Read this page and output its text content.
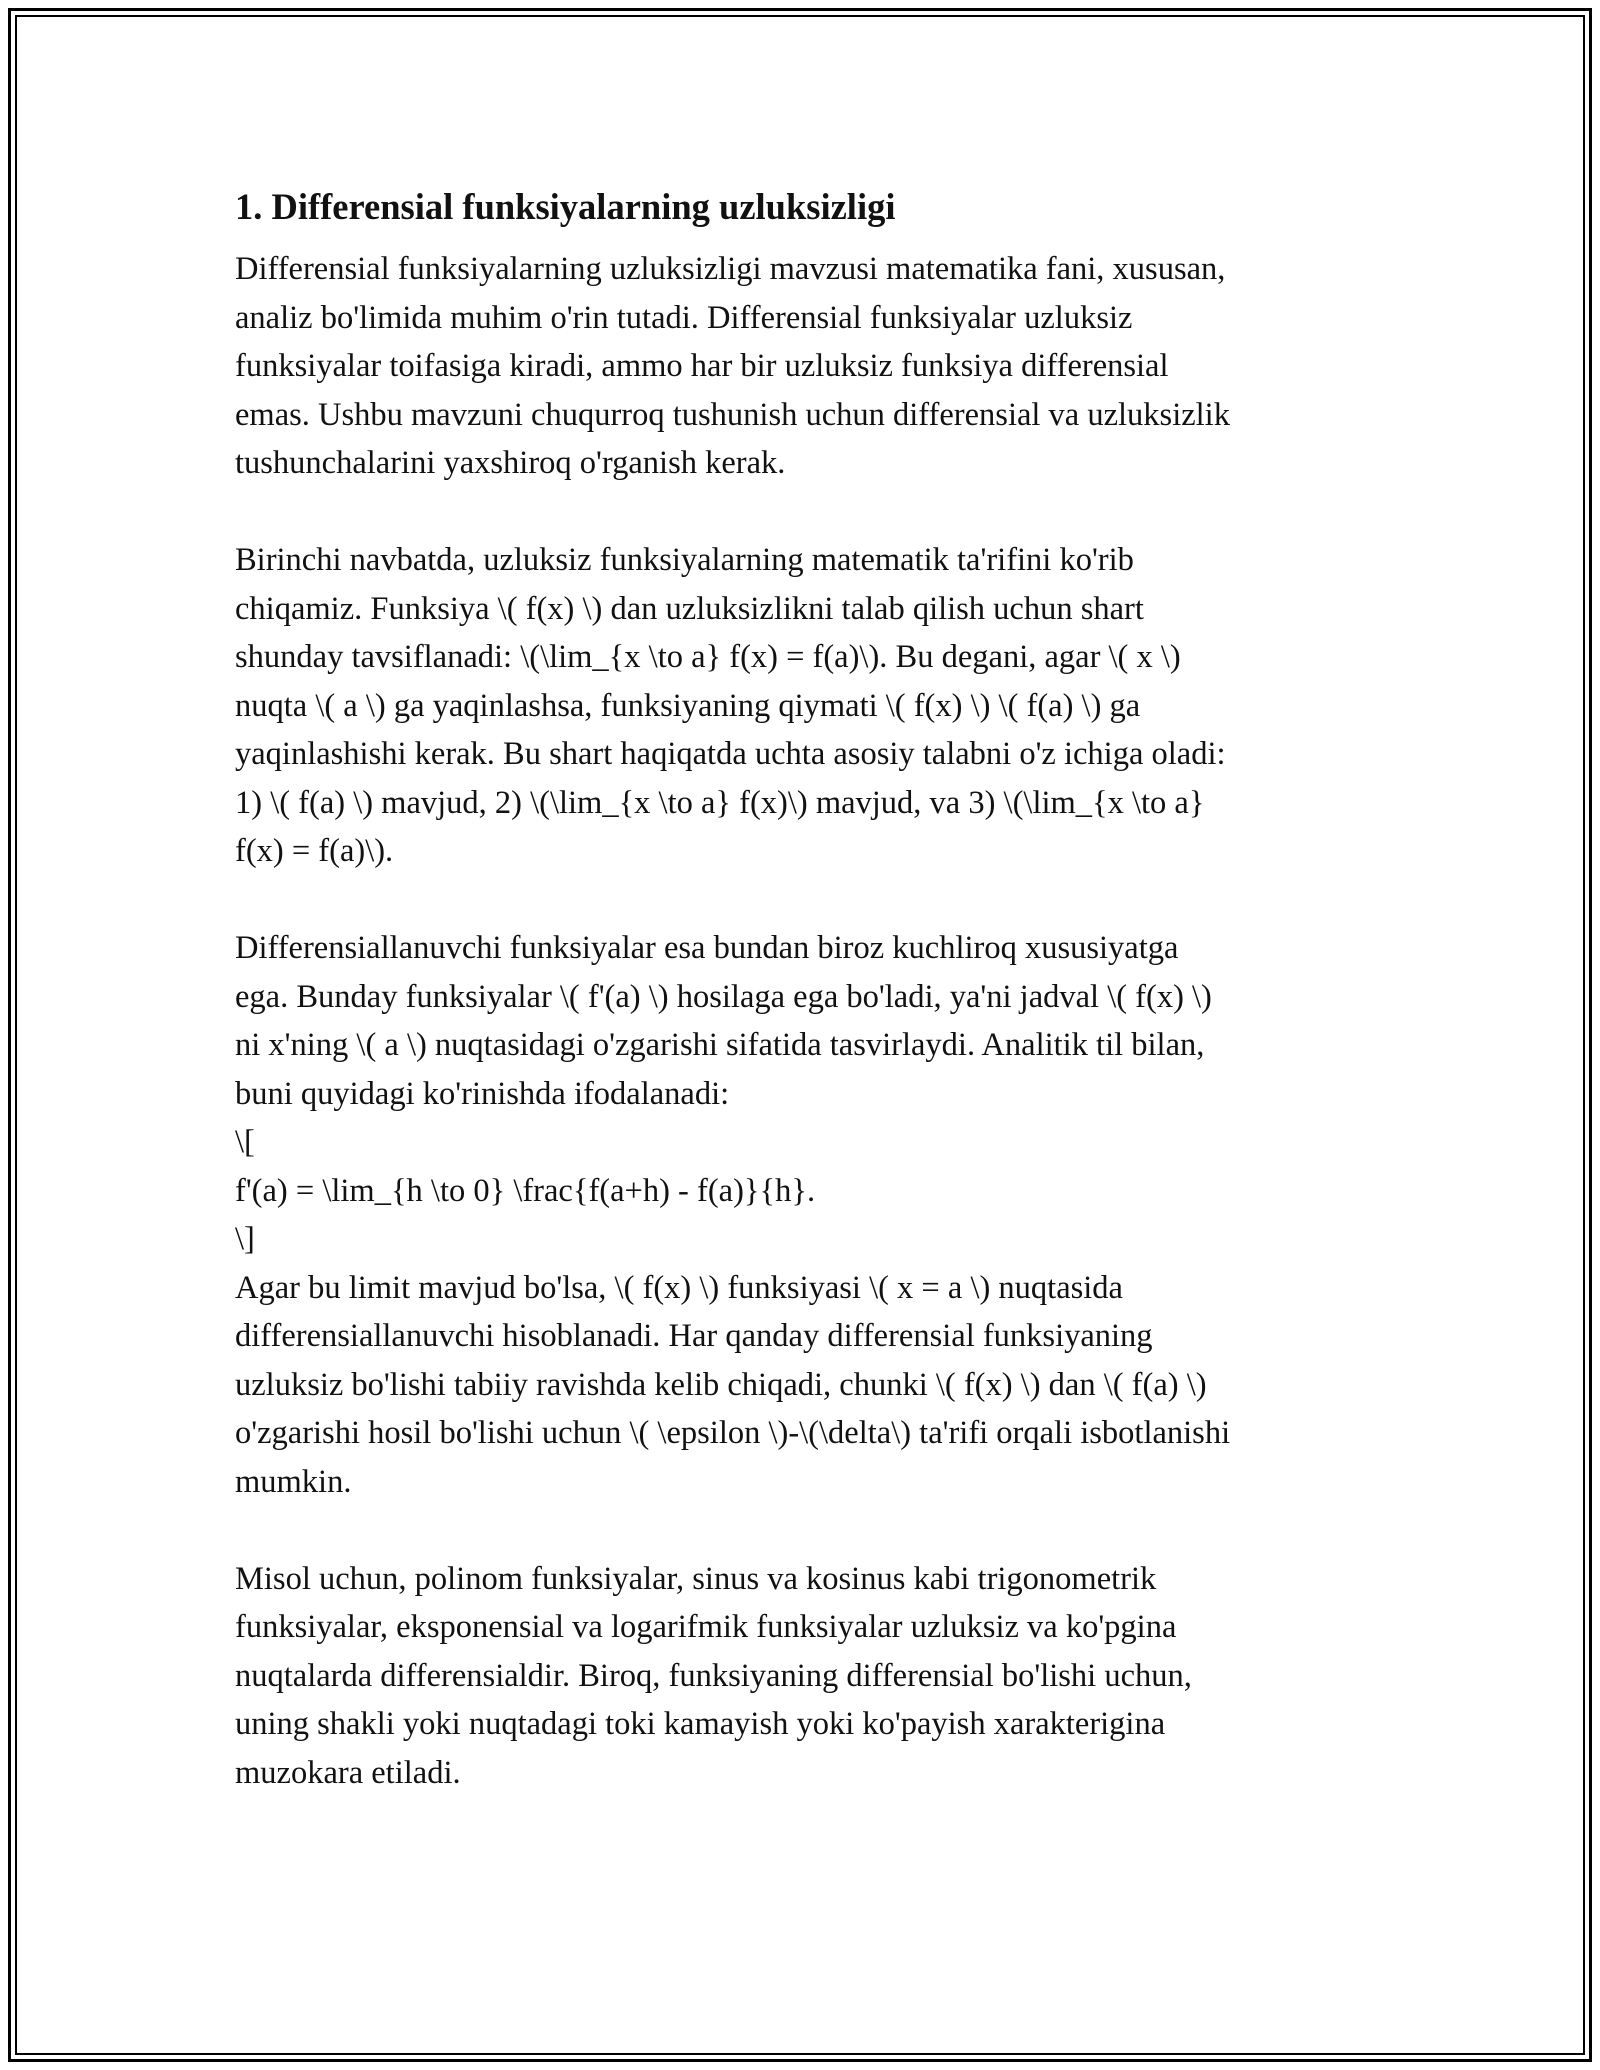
1. Differensial funksiyalarning uzluksizligi

Differensial funksiyalarning uzluksizligi mavzusi matematika fani, xususan,
analiz bo'limida muhim o'rin tutadi. Differensial funksiyalar uzluksiz
funksiyalar toifasiga kiradi, ammo har bir uzluksiz funksiya differensial
emas. Ushbu mavzuni chuqurroq tushunish uchun differensial va uzluksizlik
tushunchalarini yaxshiroq o'rganish kerak.

Birinchi navbatda, uzluksiz funksiyalarning matematik ta'rifini ko'rib
chiqamiz. Funksiya \( f(x) \) dan uzluksizlikni talab qilish uchun shart
shunday tavsiflanadi: \(\lim_{x \to a} f(x) = f(a)\). Bu degani, agar \( x \)
nuqta \( a \) ga yaqinlashsa, funksiyaning qiymati \( f(x) \) \( f(a) \) ga
yaqinlashishi kerak. Bu shart haqiqatda uchta asosiy talabni o'z ichiga oladi:
1) \( f(a) \) mavjud, 2) \(\lim_{x \to a} f(x)\) mavjud, va 3) \(\lim_{x \to a}
f(x) = f(a)\).

Differensiallanuvchi funksiyalar esa bundan biroz kuchliroq xususiyatga
ega. Bunday funksiyalar \( f'(a) \) hosilaga ega bo'ladi, ya'ni jadval \( f(x) \)
ni x'ning \( a \) nuqtasidagi o'zgarishi sifatida tasvirlaydi. Analitik til bilan,
buni quyidagi ko'rinishda ifodalanadi:
\[
f'(a) = \lim_{h \to 0} \frac{f(a+h) - f(a)}{h}.
\]
Agar bu limit mavjud bo'lsa, \( f(x) \) funksiyasi \( x = a \) nuqtasida
differensiallanuvchi hisoblanadi. Har qanday differensial funksiyaning
uzluksiz bo'lishi tabiiy ravishda kelib chiqadi, chunki \( f(x) \) dan \( f(a) \)
o'zgarishi hosil bo'lishi uchun \( \epsilon \)-\(\delta\) ta'rifi orqali isbotlanishi
mumkin.

Misol uchun, polinom funksiyalar, sinus va kosinus kabi trigonometrik
funksiyalar, eksponensial va logarifmik funksiyalar uzluksiz va ko'pgina
nuqtalarda differensialdir. Biroq, funksiyaning differensial bo'lishi uchun,
uning shakli yoki nuqtadagi toki kamayish yoki ko'payish xarakterigina
muzokara etiladi.
